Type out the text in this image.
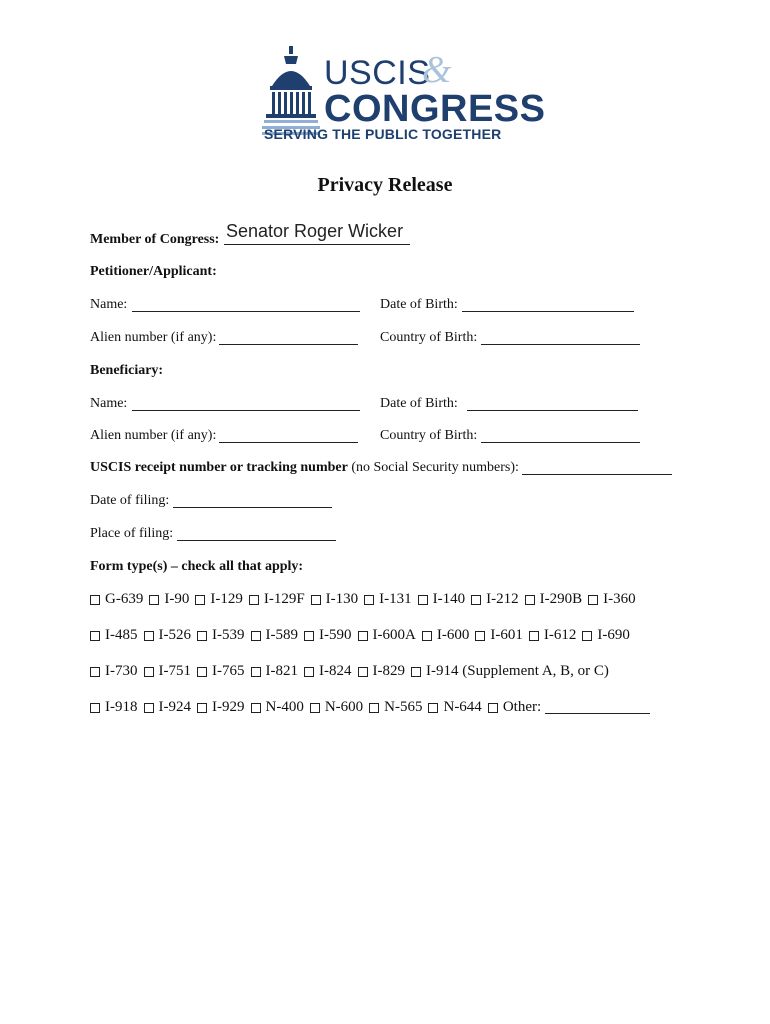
USCIS
&
CONGRESS
SERVING THE PUBLIC TOGETHER
Privacy Release
Member of Congress: Senator Roger Wicker
Petitioner/Applicant:
Name:	Date of Birth:
Alien number (if any):	Country of Birth:
Beneficiary:
Name:	Date of Birth:
Alien number (if any):	Country of Birth:
USCIS receipt number or tracking number (no Social Security numbers):
Date of filing:
Place of filing:
Form type(s) – check all that apply:
G-639 I-90 I-129 I-129F I-130 I-131 I-140 I-212 I-290B I-360
I-485 I-526 I-539 I-589 I-590 I-600A I-600 I-601 I-612 I-690
I-730 I-751 I-765 I-821 I-824 I-829 I-914 (Supplement A, B, or C)
I-918 I-924 I-929 N-400 N-600 N-565 N-644 Other:
